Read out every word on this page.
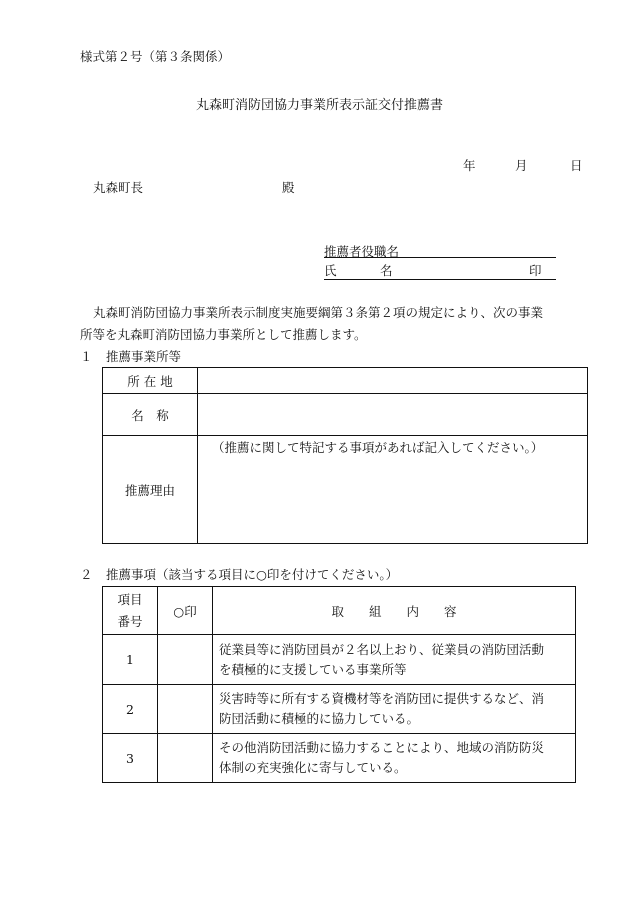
様式第２号（第３条関係）
丸森町消防団協力事業所表示証交付推薦書
年	月	日
丸森町長	殿
推薦者役職名
氏	名	印
丸森町消防団協力事業所表示制度実施要綱第３条第２項の規定により、次の事業
所等を丸森町消防団協力事業所として推薦します。
１ 推薦事業所等
所 在 地	
名　称	
推薦理由	（推薦に関して特記する事項があれば記入してください。）
２ 推薦事項（該当する項目に○印を付けてください。）
項目
番号	○印	取　　組　　内　　容
1		従業員等に消防団員が２名以上おり、従業員の消防団活動
を積極的に支援している事業所等

2		災害時等に所有する資機材等を消防団に提供するなど、消
防団活動に積極的に協力している。

3		その他消防団活動に協力することにより、地域の消防防災
体制の充実強化に寄与している。
